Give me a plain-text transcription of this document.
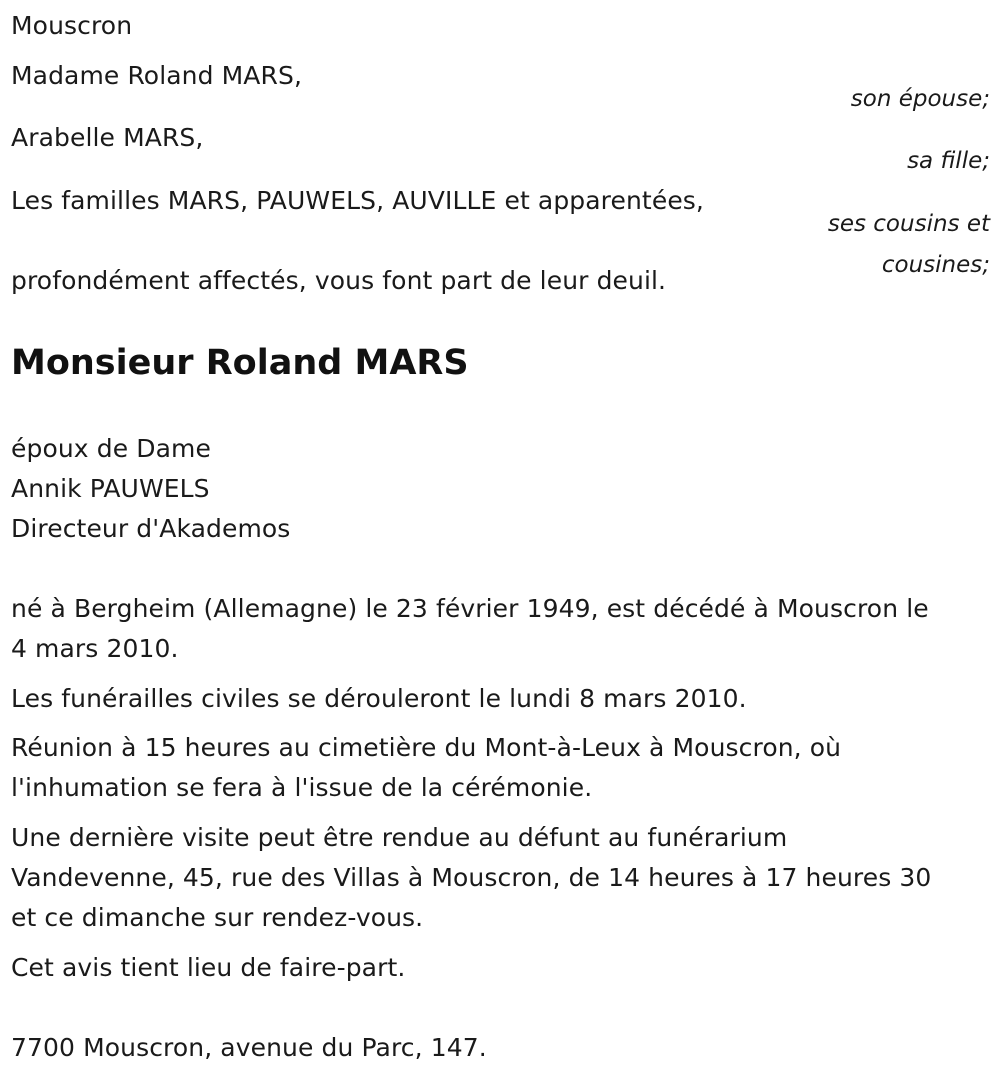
Mouscron
Madame Roland MARS,
son épouse;
Arabelle MARS,
sa fille;
Les familles MARS, PAUWELS, AUVILLE et apparentées,
ses cousins et
cousines;
profondément affectés, vous font part de leur deuil.
Monsieur Roland MARS
époux de Dame
Annik PAUWELS
Directeur d'Akademos
né à Bergheim (Allemagne) le 23 février 1949, est décédé à Mouscron le
4 mars 2010.
Les funérailles civiles se dérouleront le lundi 8 mars 2010.
Réunion à 15 heures au cimetière du Mont-à-Leux à Mouscron, où
l'inhumation se fera à l'issue de la cérémonie.
Une dernière visite peut être rendue au défunt au funérarium
Vandevenne, 45, rue des Villas à Mouscron, de 14 heures à 17 heures 30
et ce dimanche sur rendez-vous.
Cet avis tient lieu de faire-part.
7700 Mouscron, avenue du Parc, 147.
